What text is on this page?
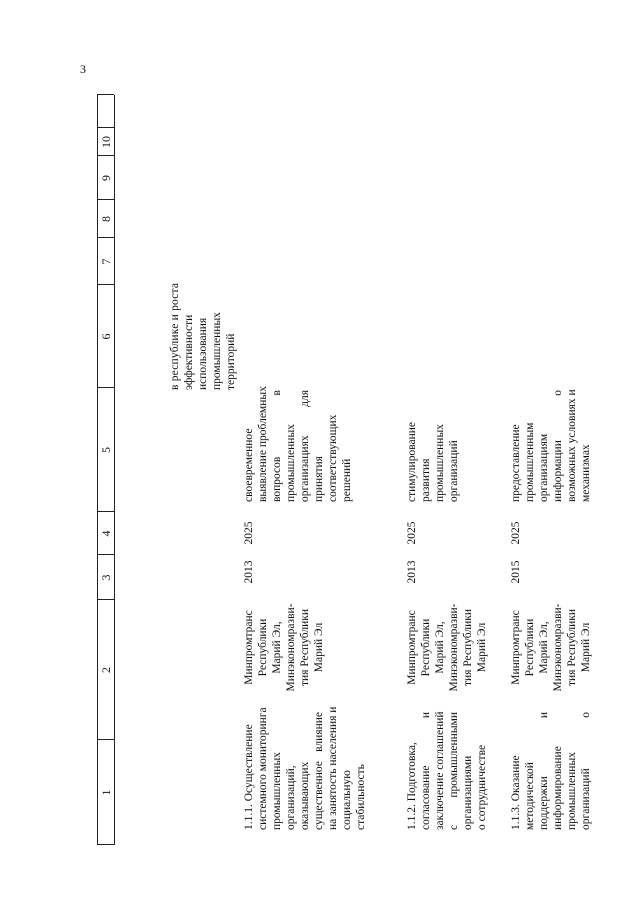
3
1
2
3
4
5
6
7
8
9
10
в республике и роста эффективности использования промышленных территорий
1.1.1. Осуществление системного мониторинга промышленных организаций, оказывающих существенное
влияние на занятость населения и социальную стабильность
Минпромтранс Республики Марий Эл, Минэкономразви- тия Республики Марий Эл
2013
2025
своевременное выявление проблемных вопросов
в
промышленных организациях
для
принятия соответствующих решений
1.1.2. Подготовка, согласование
и заключение соглашений с
промышленными организациями о сотрудничестве
Минпромтранс Республики Марий Эл, Минэкономразви- тия Республики Марий Эл
2013
2025
стимулирование развития промышленных организаций
1.1.3. Оказание методической поддержки
и
информирование промышленных организаций
о
Минпромтранс Республики Марий Эл, Минэкономразви- тия Республики Марий Эл
2015
2025
предоставление промышленным организациям информации
о возможных условиях и механизмах
